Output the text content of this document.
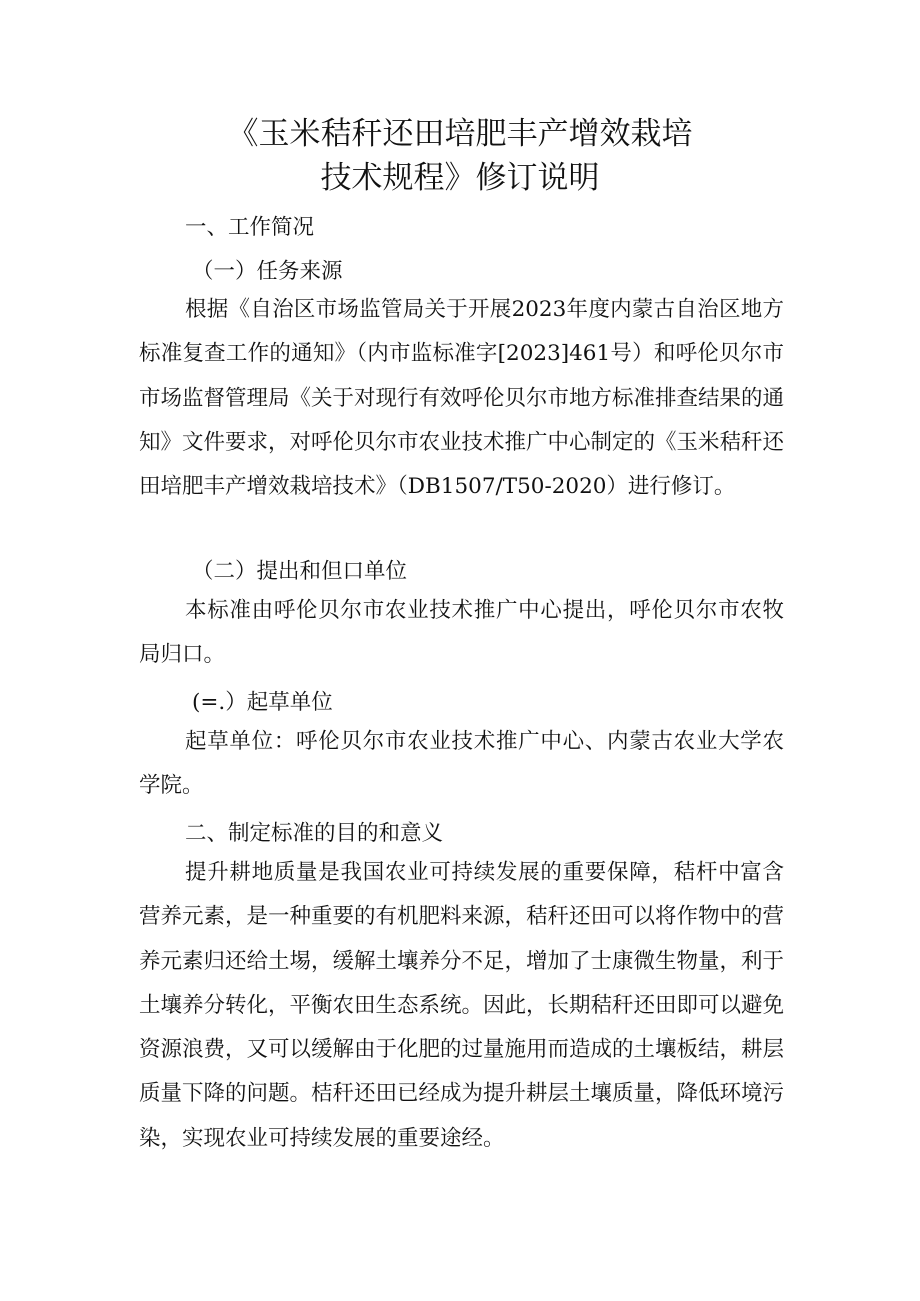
《玉米秸秆还田培肥丰产增效栽培
技术规程》修订说明
一、工作简况
（一）任务来源

根据《自治区市场监管局关于开展2023年度内蒙古自治区地方标准复查工作的通知》（内市监标准字[2023]461号）和呼伦贝尔市市场监督管理局《关于对现行有效呼伦贝尔市地方标准排查结果的通知》文件要求，对呼伦贝尔市农业技术推广中心制定的《玉米秸秆还田培肥丰产增效栽培技术》（DB1507/T50-2020）进行修订。

（二）提出和但口单位

本标准由呼伦贝尔市农业技术推广中心提出，呼伦贝尔市农牧局归口。

(=.）起草单位

起草单位：呼伦贝尔市农业技术推广中心、内蒙古农业大学农学院。

二、制定标准的目的和意义

提升耕地质量是我国农业可持续发展的重要保障，秸杆中富含营养元素，是一种重要的有机肥料来源，秸秆还田可以将作物中的营养元素归还给土埸，缓解土壤养分不足，增加了士康微生物量，利于土壤养分转化，平衡农田生态系统。因此，长期秸秆还田即可以避免资源浪费，又可以缓解由于化肥的过量施用而造成的土壤板结，耕层质量下降的问题。桔秆还田已经成为提升耕层土壤质量，降低环境污染，实现农业可持续发展的重要途经。
